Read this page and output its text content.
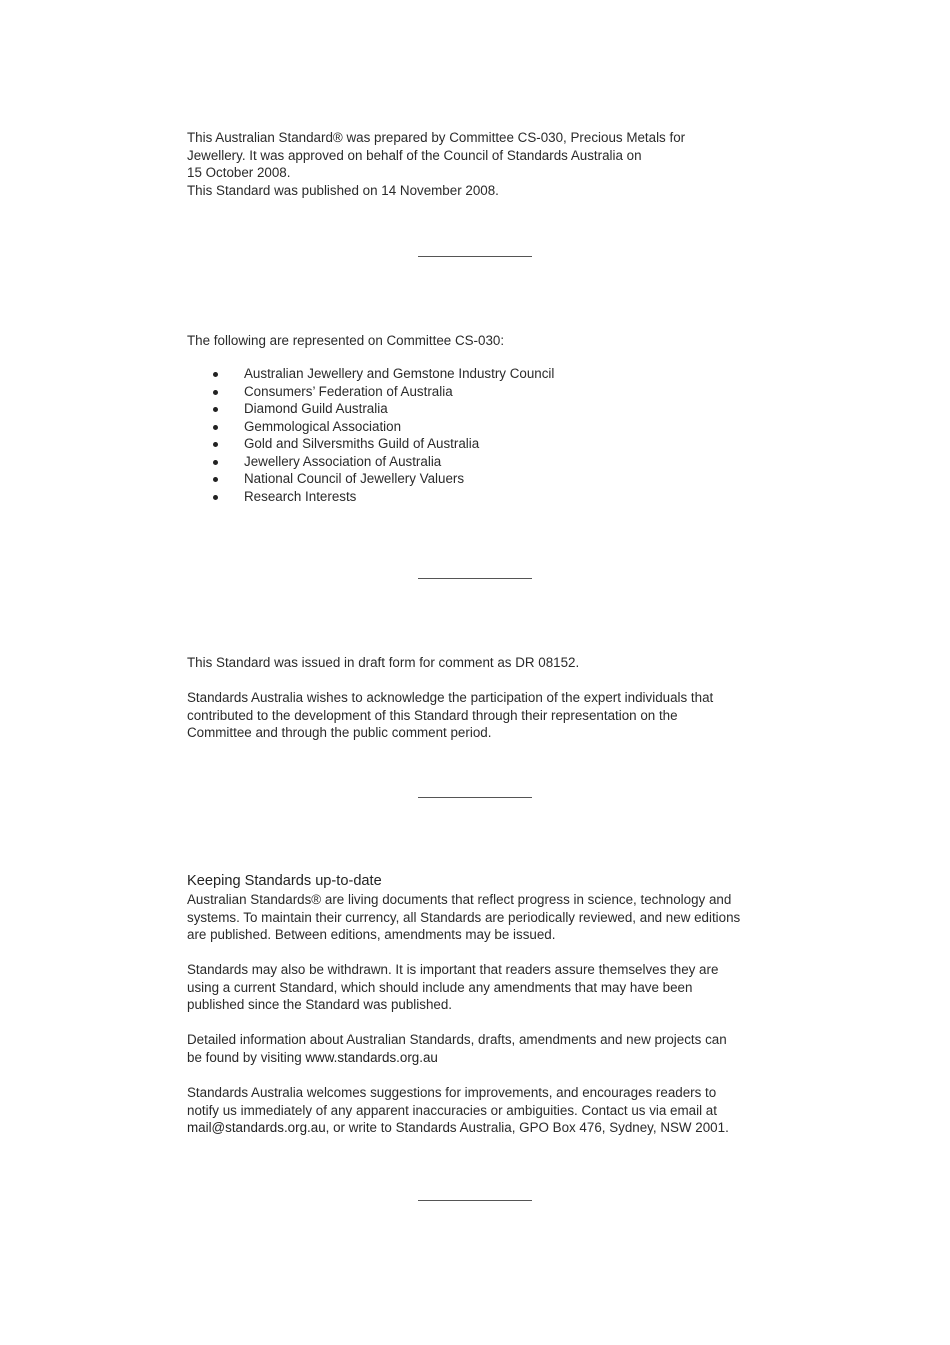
This Australian Standard® was prepared by Committee CS-030, Precious Metals for
Jewellery. It was approved on behalf of the Council of Standards Australia on
15 October 2008.
This Standard was published on 14 November 2008.
The following are represented on Committee CS-030:
Australian Jewellery and Gemstone Industry Council
Consumers’ Federation of Australia
Diamond Guild Australia
Gemmological Association
Gold and Silversmiths Guild of Australia
Jewellery Association of Australia
National Council of Jewellery Valuers
Research Interests
This Standard was issued in draft form for comment as DR 08152.
Standards Australia wishes to acknowledge the participation of the expert individuals that
contributed to the development of this Standard through their representation on the
Committee and through the public comment period.
Keeping Standards up-to-date
Australian Standards® are living documents that reflect progress in science, technology and
systems. To maintain their currency, all Standards are periodically reviewed, and new editions
are published. Between editions, amendments may be issued.
Standards may also be withdrawn. It is important that readers assure themselves they are
using a current Standard, which should include any amendments that may have been
published since the Standard was published.
Detailed information about Australian Standards, drafts, amendments and new projects can
be found by visiting www.standards.org.au
Standards Australia welcomes suggestions for improvements, and encourages readers to
notify us immediately of any apparent inaccuracies or ambiguities. Contact us via email at
mail@standards.org.au, or write to Standards Australia, GPO Box 476, Sydney, NSW 2001.
